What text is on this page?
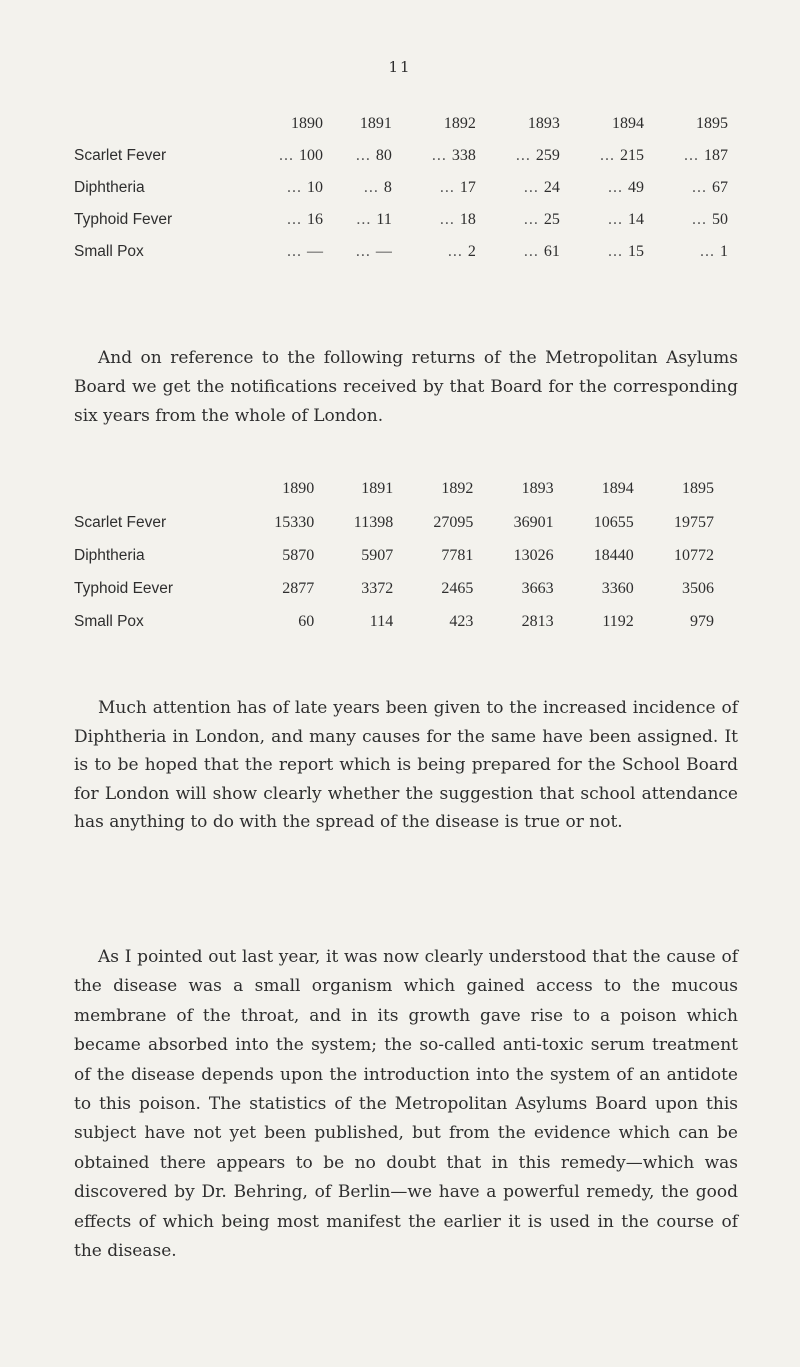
11
	1890	1891	1892	1893	1894	1895
Scarlet Fever	... 100	... 80	... 338	... 259	... 215	... 187
Diphtheria	... 10	... 8	... 17	... 24	... 49	... 67
Typhoid Fever	... 16	... 11	... 18	... 25	... 14	... 50
Small Pox	... —	... —	... 2	... 61	... 15	... 1

And on reference to the following returns of the Metropolitan Asylums Board we get the notifications received by that Board for the corresponding six years from the whole of London.

	1890	1891	1892	1893	1894	1895
Scarlet Fever	15330	11398	27095	36901	10655	19757
Diphtheria	5870	5907	7781	13026	18440	10772
Typhoid Eever	2877	3372	2465	3663	3360	3506
Small Pox	60	114	423	2813	1192	979

Much attention has of late years been given to the increased incidence of Diphtheria in London, and many causes for the same have been assigned. It is to be hoped that the report which is being prepared for the School Board for London will show clearly whether the suggestion that school attendance has anything to do with the spread of the disease is true or not.

As I pointed out last year, it was now clearly understood that the cause of the disease was a small organism which gained access to the mucous membrane of the throat, and in its growth gave rise to a poison which became absorbed into the system; the so-called anti-toxic serum treatment of the disease depends upon the introduction into the system of an antidote to this poison. The statistics of the Metropolitan Asylums Board upon this subject have not yet been published, but from the evidence which can be obtained there appears to be no doubt that in this remedy—which was discovered by Dr. Behring, of Berlin—we have a powerful remedy, the good effects of which being most manifest the earlier it is used in the course of the disease.
